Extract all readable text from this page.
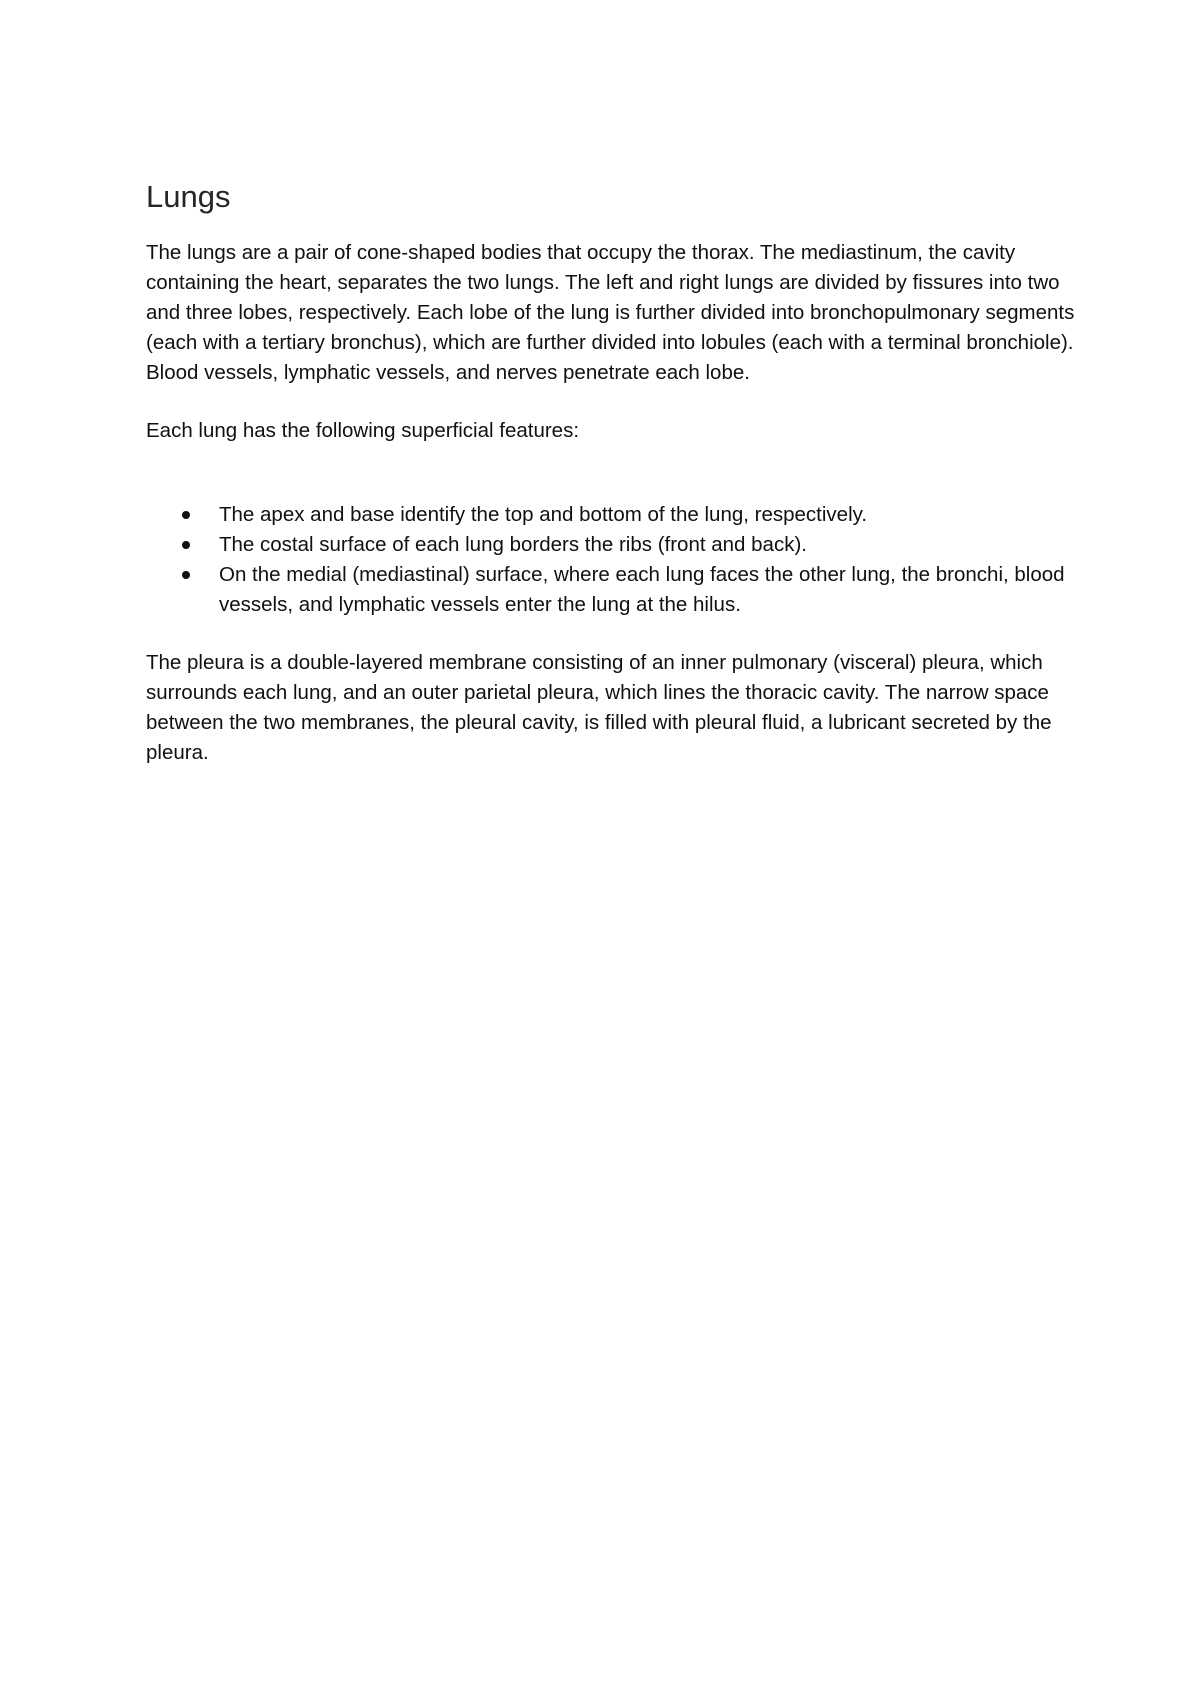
Lungs

The lungs are a pair of cone-shaped bodies that occupy the thorax. The mediastinum, the cavity containing the heart, separates the two lungs. The left and right lungs are divided by fissures into two and three lobes, respectively. Each lobe of the lung is further divided into bronchopulmonary segments (each with a tertiary bronchus), which are further divided into lobules (each with a terminal bronchiole). Blood vessels, lymphatic vessels, and nerves penetrate each lobe.

Each lung has the following superficial features:

The apex and base identify the top and bottom of the lung, respectively.
The costal surface of each lung borders the ribs (front and back).
On the medial (mediastinal) surface, where each lung faces the other lung, the bronchi, blood vessels, and lymphatic vessels enter the lung at the hilus.

The pleura is a double-layered membrane consisting of an inner pulmonary (visceral) pleura, which surrounds each lung, and an outer parietal pleura, which lines the thoracic cavity. The narrow space between the two membranes, the pleural cavity, is filled with pleural fluid, a lubricant secreted by the pleura.
